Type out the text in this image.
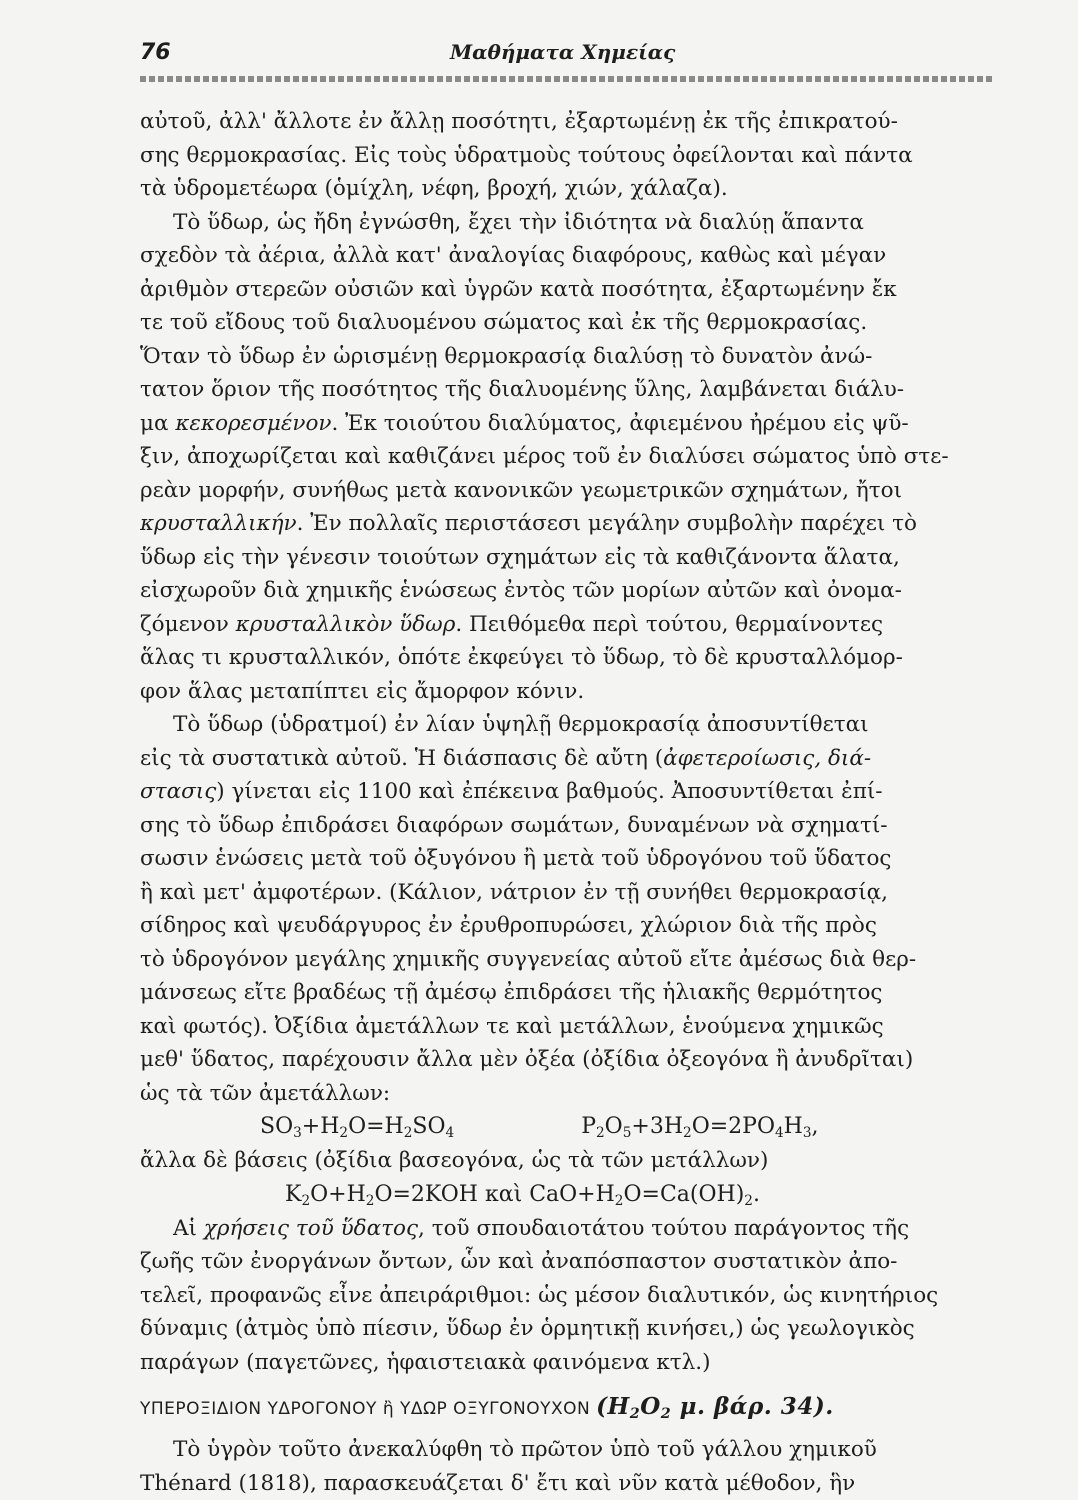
76	Μαθήματα Χημείας
αὐτοῦ, ἀλλ' ἄλλοτε ἐν ἄλλῃ ποσότητι, ἐξαρτωμένῃ ἐκ τῆς ἐπικρατού-
σης θερμοκρασίας. Εἰς τοὺς ὑδρατμοὺς τούτους ὀφείλονται καὶ πάντα
τὰ ὑδρομετέωρα (ὁμίχλη, νέφη, βροχή, χιών, χάλαζα).
Τὸ ὕδωρ, ὡς ἤδη ἐγνώσθη, ἔχει τὴν ἰδιότητα νὰ διαλύῃ ἅπαντα
σχεδὸν τὰ ἀέρια, ἀλλὰ κατ' ἀναλογίας διαφόρους, καθὼς καὶ μέγαν
ἀριθμὸν στερεῶν οὐσιῶν καὶ ὑγρῶν κατὰ ποσότητα, ἐξαρτωμένην ἔκ
τε τοῦ εἴδους τοῦ διαλυομένου σώματος καὶ ἐκ τῆς θερμοκρασίας.
Ὅταν τὸ ὕδωρ ἐν ὡρισμένῃ θερμοκρασίᾳ διαλύσῃ τὸ δυνατὸν ἀνώ-
τατον ὅριον τῆς ποσότητος τῆς διαλυομένης ὕλης, λαμβάνεται διάλυ-
μα κεκορεσμένον. Ἐκ τοιούτου διαλύματος, ἀφιεμένου ἠρέμου εἰς ψῦ-
ξιν, ἀποχωρίζεται καὶ καθιζάνει μέρος τοῦ ἐν διαλύσει σώματος ὑπὸ στε-
ρεὰν μορφήν, συνήθως μετὰ κανονικῶν γεωμετρικῶν σχημάτων, ἤτοι
κρυσταλλικήν. Ἐν πολλαῖς περιστάσεσι μεγάλην συμβολὴν παρέχει τὸ
ὕδωρ εἰς τὴν γένεσιν τοιούτων σχημάτων εἰς τὰ καθιζάνοντα ἅλατα,
εἰσχωροῦν διὰ χημικῆς ἑνώσεως ἐντὸς τῶν μορίων αὐτῶν καὶ ὀνομα-
ζόμενον κρυσταλλικὸν ὕδωρ. Πειθόμεθα περὶ τούτου, θερμαίνοντες
ἅλας τι κρυσταλλικόν, ὁπότε ἐκφεύγει τὸ ὕδωρ, τὸ δὲ κρυσταλλόμορ-
φον ἅλας μεταπίπτει εἰς ἄμορφον κόνιν.
Τὸ ὕδωρ (ὑδρατμοί) ἐν λίαν ὑψηλῇ θερμοκρασίᾳ ἀποσυντίθεται
εἰς τὰ συστατικὰ αὐτοῦ. Ἡ διάσπασις δὲ αὔτη (ἀφετεροίωσις, διά-
στασις) γίνεται εἰς 1100 καὶ ἐπέκεινα βαθμούς. Ἀποσυντίθεται ἐπί-
σης τὸ ὕδωρ ἐπιδράσει διαφόρων σωμάτων, δυναμένων νὰ σχηματί-
σωσιν ἑνώσεις μετὰ τοῦ ὀξυγόνου ἢ μετὰ τοῦ ὑδρογόνου τοῦ ὕδατος
ἢ καὶ μετ' ἀμφοτέρων. (Κάλιον, νάτριον ἐν τῇ συνήθει θερμοκρασίᾳ,
σίδηρος καὶ ψευδάργυρος ἐν ἐρυθροπυρώσει, χλώριον διὰ τῆς πρὸς
τὸ ὑδρογόνον μεγάλης χημικῆς συγγενείας αὐτοῦ εἴτε ἀμέσως διὰ θερ-
μάνσεως εἴτε βραδέως τῇ ἀμέσῳ ἐπιδράσει τῆς ἡλιακῆς θερμότητος
καὶ φωτός). Ὀξίδια ἀμετάλλων τε καὶ μετάλλων, ἑνούμενα χημικῶς
μεθ' ὕδατος, παρέχουσιν ἄλλα μὲν ὀξέα (ὀξίδια ὀξεογόνα ἢ ἀνυδρῖται)
ὡς τὰ τῶν ἀμετάλλων:
$SO_3+H_2O=H_2SO_4$	$P_2O_5+3H_2O=2PO_4H_3$,
ἄλλα δὲ βάσεις (ὀξίδια βασεογόνα, ὡς τὰ τῶν μετάλλων)
$K_2O+H_2O=2KOH$ καὶ $CaO+H_2O=Ca(OH)_2$.
Αἱ χρήσεις τοῦ ὕδατος, τοῦ σπουδαιοτάτου τούτου παράγοντος τῆς
ζωῆς τῶν ἐνοργάνων ὄντων, ὧν καὶ ἀναπόσπαστον συστατικὸν ἀπο-
τελεῖ, προφανῶς εἶνε ἀπειράριθμοι: ὡς μέσον διαλυτικόν, ὡς κινητήριος
δύναμις (ἀτμὸς ὑπὸ πίεσιν, ὕδωρ ἐν ὁρμητικῇ κινήσει,) ὡς γεωλογικὸς
παράγων (παγετῶνες, ἡφαιστειακὰ φαινόμενα κτλ.)
ΥΠΕΡΟΞΙΔΙΟΝ ΥΔΡΟΓΟΝΟΥ ἢ ΥΔΩΡ ΟΞΥΓΟΝΟΥΧΟΝ ($H_2O_2$ μ. βάρ. 34).
Τὸ ὑγρὸν τοῦτο ἀνεκαλύφθη τὸ πρῶτον ὑπὸ τοῦ γάλλου χημικοῦ
Thénard (1818), παρασκευάζεται δ' ἔτι καὶ νῦν κατὰ μέθοδον, ἣν
